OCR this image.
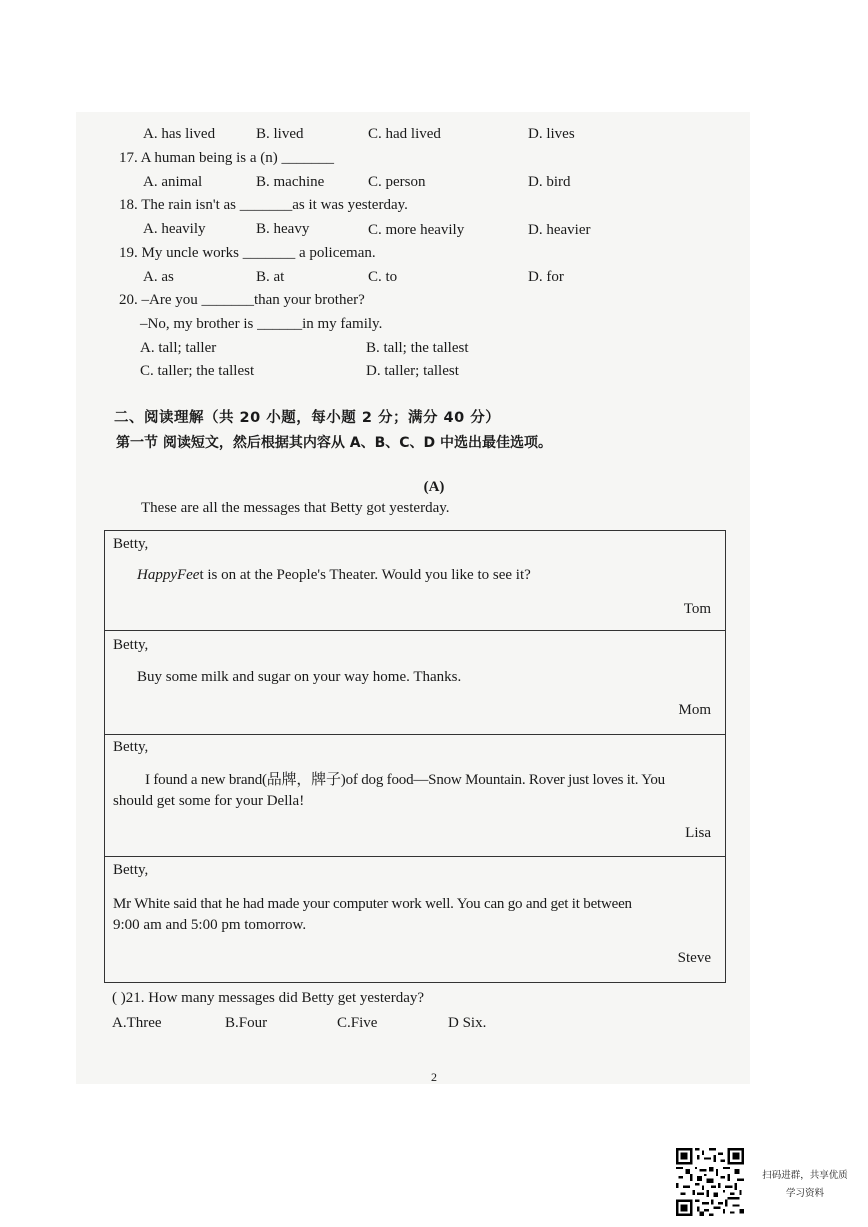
A. has lived	B. lived	C. had lived	D. lives
17. A human being is a (n) _______
A. animal	B. machine	C. person	D. bird
18. The rain isn't as _______as it was yesterday.
A. heavily	B. heavy	C. more heavily	D. heavier
19. My uncle works _______ a policeman.
A. as	B. at	C. to	D. for
20. –Are you _______than your brother?
–No, my brother is ______in my family.
A. tall; taller	B. tall; the tallest
C. taller; the tallest	D. taller; tallest
二、阅读理解（共 20 小题，每小题 2 分；满分 40 分）
第一节 阅读短文，然后根据其内容从 A、B、C、D 中选出最佳选项。
(A)
These are all the messages that Betty got yesterday.
Betty,
HappyFeet is on at the People's Theater. Would you like to see it?
Tom
Betty,
Buy some milk and sugar on your way home. Thanks.
Mom
Betty,
I found a new brand(品牌，牌子)of dog food—Snow Mountain. Rover just loves it. You
should get some for your Della!
Lisa
Betty,
Mr White said that he had made your computer work well. You can go and get it between
9:00 am and 5:00 pm tomorrow.
Steve
( )21. How many messages did Betty get yesterday?
A.Three	B.Four	C.Five	D Six.
2
扫码进群，共享优质
学习资料
